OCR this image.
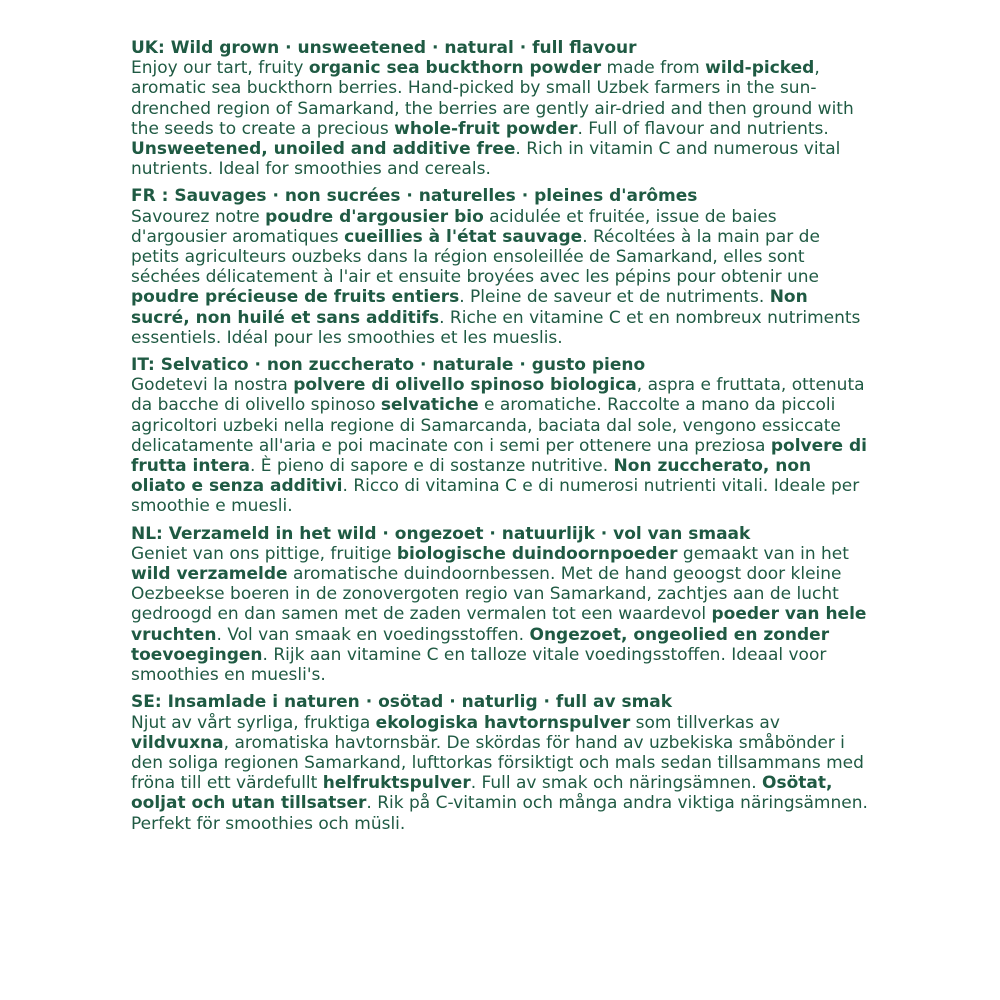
UK: Wild grown · unsweetened · natural · full flavour
Enjoy our tart, fruity organic sea buckthorn powder made from wild-picked, aromatic sea buckthorn berries. Hand-picked by small Uzbek farmers in the sun-drenched region of Samarkand, the berries are gently air-dried and then ground with the seeds to create a precious whole-fruit powder. Full of flavour and nutrients. Unsweetened, unoiled and additive free. Rich in vitamin C and numerous vital nutrients. Ideal for smoothies and cereals.
FR : Sauvages · non sucrées · naturelles · pleines d'arômes
Savourez notre poudre d'argousier bio acidulée et fruitée, issue de baies d'argousier aromatiques cueillies à l'état sauvage. Récoltées à la main par de petits agriculteurs ouzbeks dans la région ensoleillée de Samarkand, elles sont séchées délicatement à l'air et ensuite broyées avec les pépins pour obtenir une poudre précieuse de fruits entiers. Pleine de saveur et de nutriments. Non sucré, non huilé et sans additifs. Riche en vitamine C et en nombreux nutriments essentiels. Idéal pour les smoothies et les mueslis.
IT: Selvatico · non zuccherato · naturale · gusto pieno
Godetevi la nostra polvere di olivello spinoso biologica, aspra e fruttata, ottenuta da bacche di olivello spinoso selvatiche e aromatiche. Raccolte a mano da piccoli agricoltori uzbeki nella regione di Samarcanda, baciata dal sole, vengono essiccate delicatamente all'aria e poi macinate con i semi per ottenere una preziosa polvere di frutta intera. È pieno di sapore e di sostanze nutritive. Non zuccherato, non oliato e senza additivi. Ricco di vitamina C e di numerosi nutrienti vitali. Ideale per smoothie e muesli.
NL: Verzameld in het wild · ongezoet · natuurlijk · vol van smaak
Geniet van ons pittige, fruitige biologische duindoornpoeder gemaakt van in het wild verzamelde aromatische duindoornbessen. Met de hand geoogst door kleine Oezbeekse boeren in de zonovergoten regio van Samarkand, zachtjes aan de lucht gedroogd en dan samen met de zaden vermalen tot een waardevol poeder van hele vruchten. Vol van smaak en voedingsstoffen. Ongezoet, ongeolied en zonder toevoegingen. Rijk aan vitamine C en talloze vitale voedingsstoffen. Ideaal voor smoothies en muesli's.
SE: Insamlade i naturen · osötad · naturlig · full av smak
Njut av vårt syrliga, fruktiga ekologiska havtornspulver som tillverkas av vildvuxna, aromatiska havtornsbär. De skördas för hand av uzbekiska småbönder i den soliga regionen Samarkand, lufttorkas försiktigt och mals sedan tillsammans med fröna till ett värdefullt helfruktspulver. Full av smak och näringsämnen. Osötat, ooljat och utan tillsatser. Rik på C-vitamin och många andra viktiga näringsämnen. Perfekt för smoothies och müsli.
